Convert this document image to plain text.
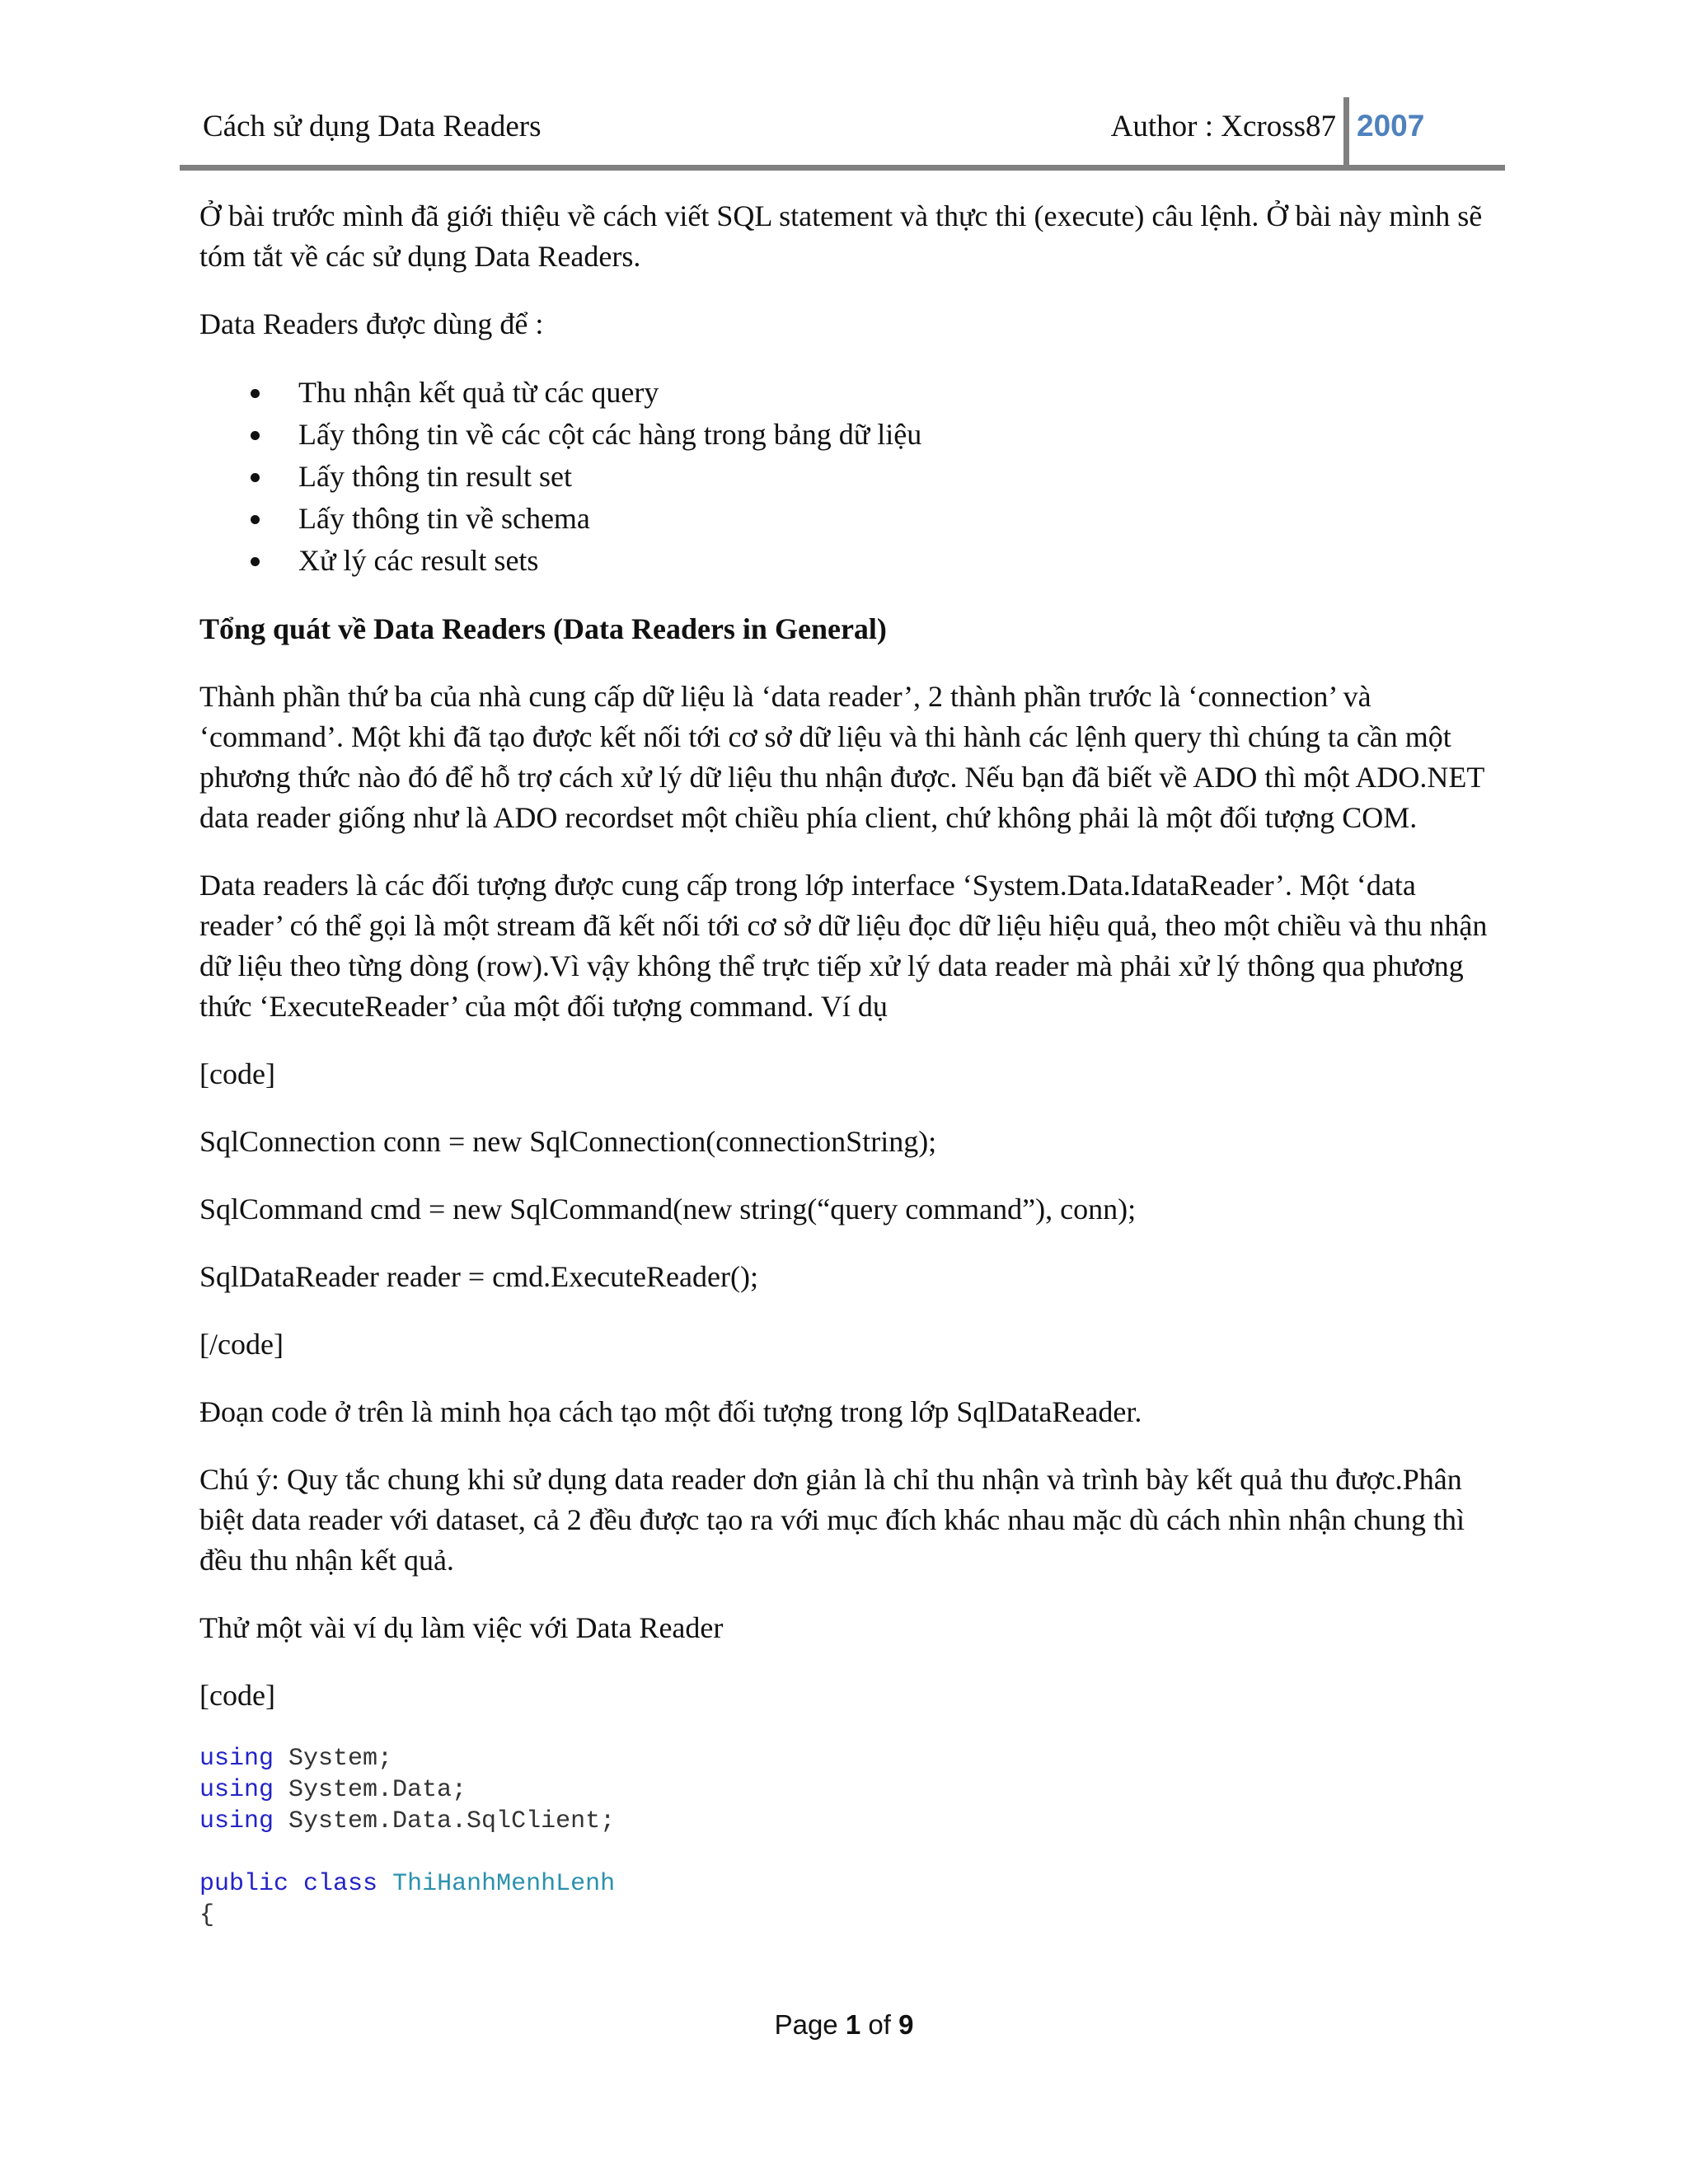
Cách sử dụng Data Readers	Author : Xcross87 2007

Ở bài trước mình đã giới thiệu về cách viết SQL statement và thực thi (execute) câu lệnh. Ở bài này mình sẽ tóm tắt về các sử dụng Data Readers.

Data Readers được dùng để :

Thu nhận kết quả từ các query
Lấy thông tin về các cột các hàng trong bảng dữ liệu
Lấy thông tin result set
Lấy thông tin về schema
Xử lý các result sets

Tổng quát về Data Readers (Data Readers in General)

Thành phần thứ ba của nhà cung cấp dữ liệu là ‘data reader’, 2 thành phần trước là ‘connection’ và ‘command’. Một khi đã tạo được kết nối tới cơ sở dữ liệu và thi hành các lệnh query thì chúng ta cần một phương thức nào đó để hỗ trợ cách xử lý dữ liệu thu nhận được. Nếu bạn đã biết về ADO thì một ADO.NET data reader giống như là ADO recordset một chiều phía client, chứ không phải là một đối tượng COM.

Data readers là các đối tượng được cung cấp trong lớp interface ‘System.Data.IdataReader’. Một ‘data reader’ có thể gọi là một stream đã kết nối tới cơ sở dữ liệu đọc dữ liệu hiệu quả, theo một chiều và thu nhận dữ liệu theo từng dòng (row).Vì vậy không thể trực tiếp xử lý data reader mà phải xử lý thông qua phương thức ‘ExecuteReader’ của một đối tượng command. Ví dụ

[code]

SqlConnection conn = new SqlConnection(connectionString);

SqlCommand cmd = new SqlCommand(new string(“query command”), conn);

SqlDataReader reader = cmd.ExecuteReader();

[/code]

Đoạn code ở trên là minh họa cách tạo một đối tượng trong lớp SqlDataReader.

Chú ý: Quy tắc chung khi sử dụng data reader dơn giản là chỉ thu nhận và trình bày kết quả thu được.Phân biệt data reader với dataset, cả 2 đều được tạo ra với mục đích khác nhau mặc dù cách nhìn nhận chung thì đều thu nhận kết quả.

Thử một vài ví dụ làm việc với Data Reader

[code]

using System;
using System.Data;
using System.Data.SqlClient;
public class ThiHanhMenhLenh
{
Page 1 of 9
